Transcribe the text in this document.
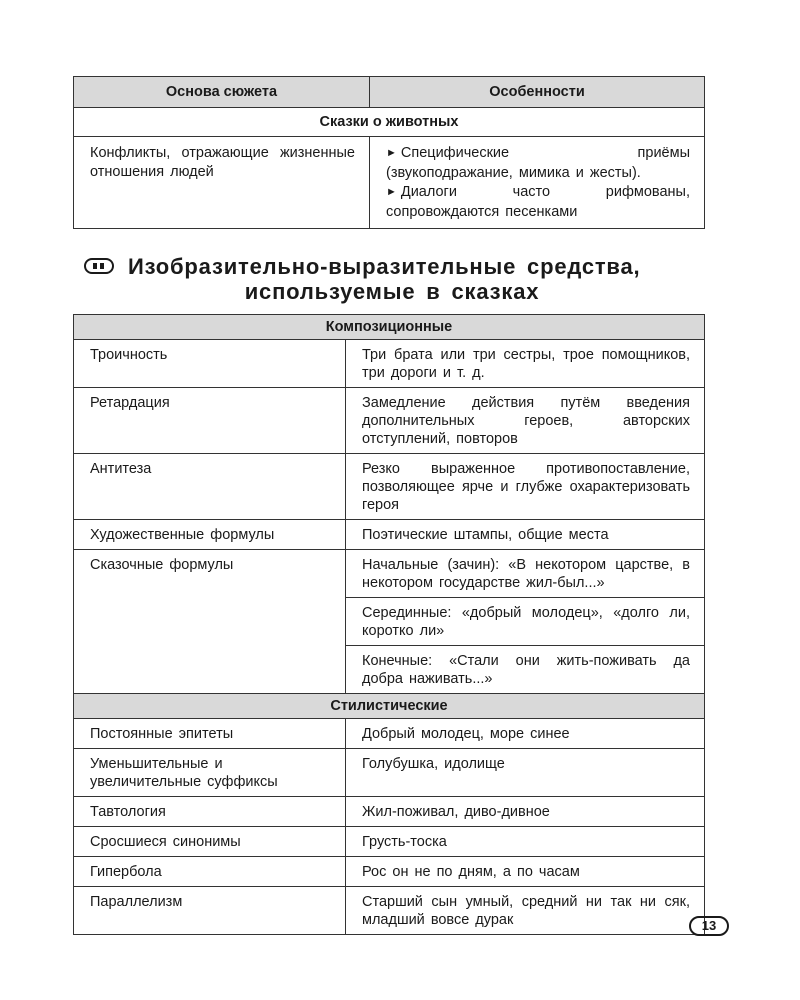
Основа сюжета	Особенности
Сказки о животных	
Конфликты, отражающие жизненные отношения людей	► Специфические приёмы (звукоподражание, мимика и жесты).
► Диалоги часто рифмованы, сопровождаются песенками
Изобразительно-выразительные средства,
используемые в сказках
Композиционные	
Троичность	Три брата или три сестры, трое помощников, три дороги и т. д.
Ретардация	Замедление действия путём введения дополнительных героев, авторских отступлений, повторов
Антитеза	Резко выраженное противопоставление, позволяющее ярче и глубже охарактеризовать героя
Художественные формулы	Поэтические штампы, общие места
Сказочные формулы	Начальные (зачин): «В некотором царстве, в некотором государстве жил-был...»
	Серединные: «добрый молодец», «долго ли, коротко ли»
	Конечные: «Стали они жить-поживать да добра наживать...»
Стилистические	
Постоянные эпитеты	Добрый молодец, море синее
Уменьшительные и увеличительные суффиксы	Голубушка, идолище
Тавтология	Жил-поживал, диво-дивное
Сросшиеся синонимы	Грусть-тоска
Гипербола	Рос он не по дням, а по часам
Параллелизм	Старший сын умный, средний ни так ни сяк, младший вовсе дурак	13
